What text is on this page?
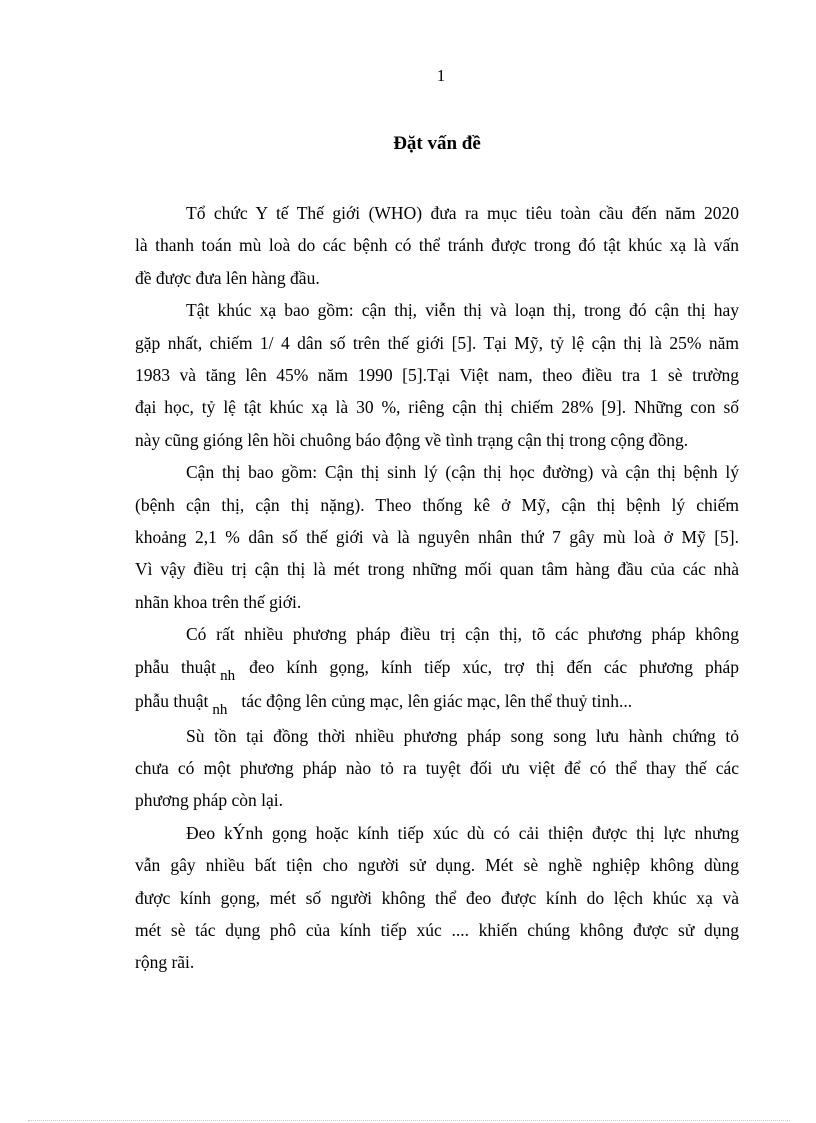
1
Đặt vấn đề
Tổ chức Y tế Thế giới (WHO) đưa ra mục tiêu toàn cầu đến năm 2020
là thanh toán mù loà do các bệnh có thể tránh được trong đó tật khúc xạ là vấn
đề được đưa lên hàng đầu.
Tật khúc xạ bao gồm: cận thị, viễn thị và loạn thị, trong đó cận thị hay
gặp nhất, chiếm 1/ 4 dân số trên thế giới [5]. Tại Mỹ, tỷ lệ cận thị là 25% năm
1983 và tăng lên 45% năm 1990 [5].Tại Việt nam, theo điều tra 1 sè trường
đại học, tỷ lệ tật khúc xạ là 30 %, riêng cận thị chiếm 28% [9]. Những con số
này cũng gióng lên hồi chuông báo động về tình trạng cận thị trong cộng đồng.
Cận thị bao gồm: Cận thị sinh lý (cận thị học đường) và cận thị bệnh lý
(bệnh cận thị, cận thị nặng). Theo thống kê ở Mỹ, cận thị bệnh lý chiếm
khoảng 2,1 % dân số thế giới và là nguyên nhân thứ 7 gây mù loà ở Mỹ [5].
Vì vậy điều trị cận thị là mét trong những mối quan tâm hàng đầu của các nhà
nhãn khoa trên thế giới.
Có rất nhiều phương pháp điều trị cận thị, tõ các phương pháp không
phẫu thuật nh đeo kính gọng, kính tiếp xúc, trợ thị đến các phương pháp
phẫu thuật nh tác động lên củng mạc, lên giác mạc, lên thể thuỷ tinh...
Sù tồn tại đồng thời nhiều phương pháp song song lưu hành chứng tỏ
chưa có một phương pháp nào tỏ ra tuyệt đối ưu việt để có thể thay thế các
phương pháp còn lại.
Đeo kÝnh gọng hoặc kính tiếp xúc dù có cải thiện được thị lực nhưng
vẫn gây nhiều bất tiện cho người sử dụng. Mét sè nghề nghiệp không dùng
được kính gọng, mét số người không thể đeo được kính do lệch khúc xạ và
mét sè tác dụng phô của kính tiếp xúc .... khiến chúng không được sử dụng
rộng rãi.
